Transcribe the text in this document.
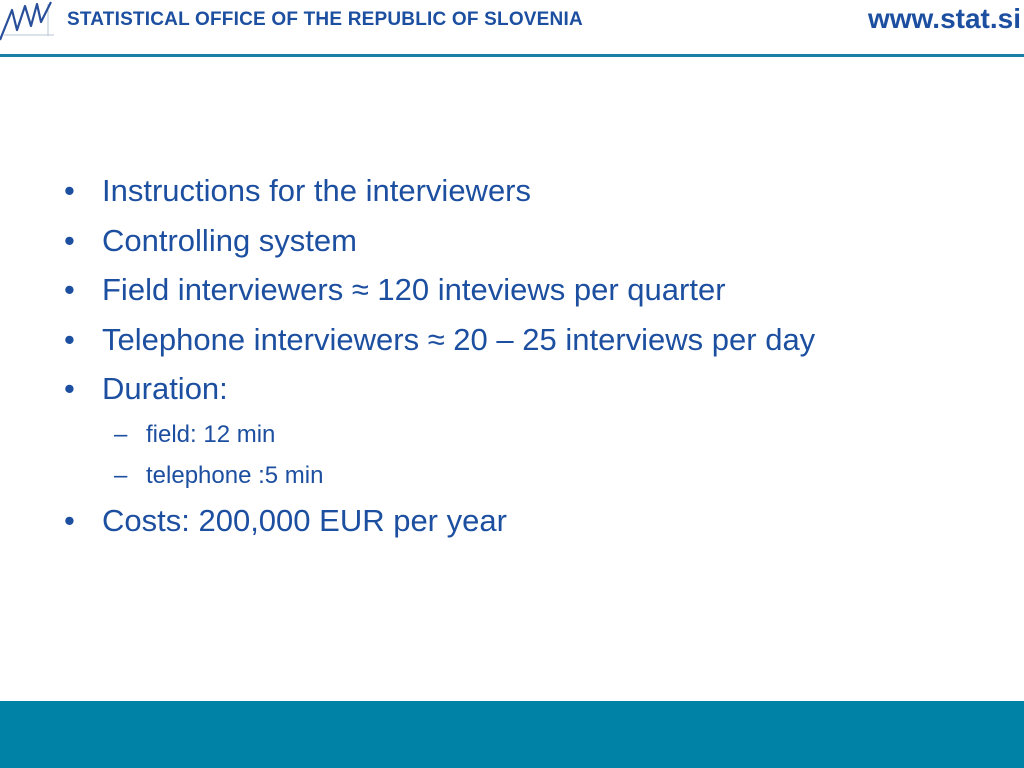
STATISTICAL OFFICE OF THE REPUBLIC OF SLOVENIA	www.stat.si
• Instructions for the interviewers
• Controlling system
• Field interviewers ≈ 120 inteviews per quarter
• Telephone interviewers ≈ 20 – 25 interviews per day
• Duration:
– field: 12 min
– telephone :5 min
• Costs: 200,000 EUR per year
